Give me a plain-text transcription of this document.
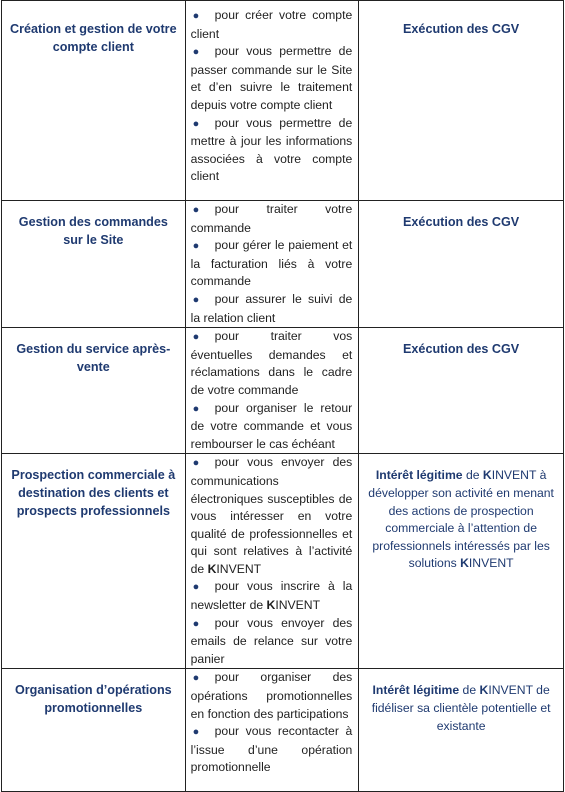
Création et gestion de votre compte client	● pour créer votre compte client
● pour vous permettre de passer commande sur le Site et d’en suivre le traitement depuis votre compte client
● pour vous permettre de mettre à jour les informations associées à votre compte client	Exécution des CGV

Gestion des commandes sur le Site	● pour traiter votre commande
● pour gérer le paiement et la facturation liés à votre commande
● pour assurer le suivi de la relation client	Exécution des CGV

Gestion du service après-vente	● pour traiter vos éventuelles demandes et réclamations dans le cadre de votre commande
● pour organiser le retour de votre commande et vous rembourser le cas échéant	Exécution des CGV

Prospection commerciale à destination des clients et prospects professionnels	● pour vous envoyer des communications électroniques susceptibles de vous intéresser en votre qualité de professionnelles et qui sont relatives à l’activité de KINVENT
● pour vous inscrire à la newsletter de KINVENT
● pour vous envoyer des emails de relance sur votre panier	Intérêt légitime de KINVENT à développer son activité en menant des actions de prospection commerciale à l’attention de professionnels intéressés par les solutions KINVENT

Organisation d’opérations promotionnelles	● pour organiser des opérations promotionnelles en fonction des participations
● pour vous recontacter à l’issue d’une opération promotionnelle	Intérêt légitime de KINVENT de fidéliser sa clientèle potentielle et existante
